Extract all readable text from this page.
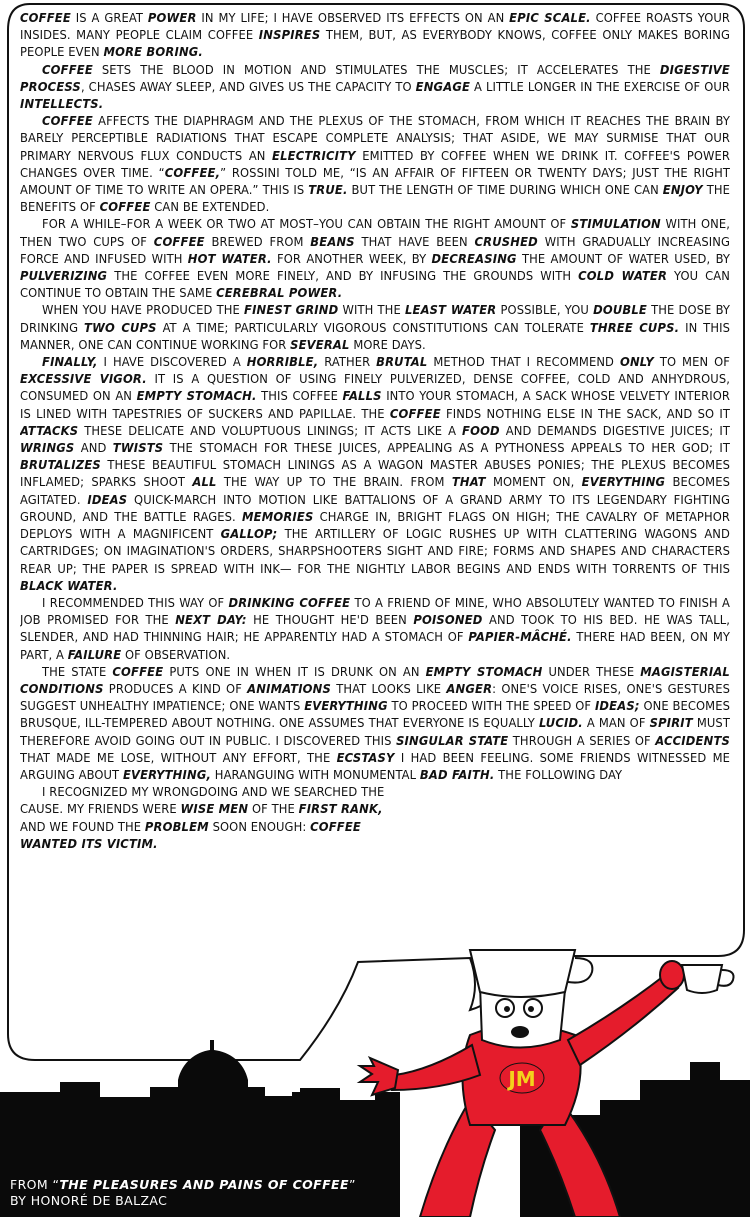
JM

COFFEE IS A GREAT POWER IN MY LIFE; I HAVE OBSERVED ITS EFFECTS ON AN EPIC SCALE. COFFEE ROASTS YOUR INSIDES. MANY PEOPLE CLAIM COFFEE INSPIRES THEM, BUT, AS EVERYBODY KNOWS, COFFEE ONLY MAKES BORING PEOPLE EVEN MORE BORING.

COFFEE SETS THE BLOOD IN MOTION AND STIMULATES THE MUSCLES; IT ACCELERATES THE DIGESTIVE PROCESS, CHASES AWAY SLEEP, AND GIVES US THE CAPACITY TO ENGAGE A LITTLE LONGER IN THE EXERCISE OF OUR INTELLECTS.

COFFEE AFFECTS THE DIAPHRAGM AND THE PLEXUS OF THE STOMACH, FROM WHICH IT REACHES THE BRAIN BY BARELY PERCEPTIBLE RADIATIONS THAT ESCAPE COMPLETE ANALYSIS; THAT ASIDE, WE MAY SURMISE THAT OUR PRIMARY NERVOUS FLUX CONDUCTS AN ELECTRICITY EMITTED BY COFFEE WHEN WE DRINK IT. COFFEE'S POWER CHANGES OVER TIME. “COFFEE,” ROSSINI TOLD ME, “IS AN AFFAIR OF FIFTEEN OR TWENTY DAYS; JUST THE RIGHT AMOUNT OF TIME TO WRITE AN OPERA.” THIS IS TRUE. BUT THE LENGTH OF TIME DURING WHICH ONE CAN ENJOY THE BENEFITS OF COFFEE CAN BE EXTENDED.

FOR A WHILE–FOR A WEEK OR TWO AT MOST–YOU CAN OBTAIN THE RIGHT AMOUNT OF STIMULATION WITH ONE, THEN TWO CUPS OF COFFEE BREWED FROM BEANS THAT HAVE BEEN CRUSHED WITH GRADUALLY INCREASING FORCE AND INFUSED WITH HOT WATER. FOR ANOTHER WEEK, BY DECREASING THE AMOUNT OF WATER USED, BY PULVERIZING THE COFFEE EVEN MORE FINELY, AND BY INFUSING THE GROUNDS WITH COLD WATER YOU CAN CONTINUE TO OBTAIN THE SAME CEREBRAL POWER.

WHEN YOU HAVE PRODUCED THE FINEST GRIND WITH THE LEAST WATER POSSIBLE, YOU DOUBLE THE DOSE BY DRINKING TWO CUPS AT A TIME; PARTICULARLY VIGOROUS CONSTITUTIONS CAN TOLERATE THREE CUPS. IN THIS MANNER, ONE CAN CONTINUE WORKING FOR SEVERAL MORE DAYS.

FINALLY, I HAVE DISCOVERED A HORRIBLE, RATHER BRUTAL METHOD THAT I RECOMMEND ONLY TO MEN OF EXCESSIVE VIGOR. IT IS A QUESTION OF USING FINELY PULVERIZED, DENSE COFFEE, COLD AND ANHYDROUS, CONSUMED ON AN EMPTY STOMACH. THIS COFFEE FALLS INTO YOUR STOMACH, A SACK WHOSE VELVETY INTERIOR IS LINED WITH TAPESTRIES OF SUCKERS AND PAPILLAE. THE COFFEE FINDS NOTHING ELSE IN THE SACK, AND SO IT ATTACKS THESE DELICATE AND VOLUPTUOUS LININGS; IT ACTS LIKE A FOOD AND DEMANDS DIGESTIVE JUICES; IT WRINGS AND TWISTS THE STOMACH FOR THESE JUICES, APPEALING AS A PYTHONESS APPEALS TO HER GOD; IT BRUTALIZES THESE BEAUTIFUL STOMACH LININGS AS A WAGON MASTER ABUSES PONIES; THE PLEXUS BECOMES INFLAMED; SPARKS SHOOT ALL THE WAY UP TO THE BRAIN. FROM THAT MOMENT ON, EVERYTHING BECOMES AGITATED. IDEAS QUICK-MARCH INTO MOTION LIKE BATTALIONS OF A GRAND ARMY TO ITS LEGENDARY FIGHTING GROUND, AND THE BATTLE RAGES. MEMORIES CHARGE IN, BRIGHT FLAGS ON HIGH; THE CAVALRY OF METAPHOR DEPLOYS WITH A MAGNIFICENT GALLOP; THE ARTILLERY OF LOGIC RUSHES UP WITH CLATTERING WAGONS AND CARTRIDGES; ON IMAGINATION'S ORDERS, SHARPSHOOTERS SIGHT AND FIRE; FORMS AND SHAPES AND CHARACTERS REAR UP; THE PAPER IS SPREAD WITH INK— FOR THE NIGHTLY LABOR BEGINS AND ENDS WITH TORRENTS OF THIS BLACK WATER.

I RECOMMENDED THIS WAY OF DRINKING COFFEE TO A FRIEND OF MINE, WHO ABSOLUTELY WANTED TO FINISH A JOB PROMISED FOR THE NEXT DAY: HE THOUGHT HE'D BEEN POISONED AND TOOK TO HIS BED. HE WAS TALL, SLENDER, AND HAD THINNING HAIR; HE APPARENTLY HAD A STOMACH OF PAPIER-MÂCHÉ. THERE HAD BEEN, ON MY PART, A FAILURE OF OBSERVATION.

THE STATE COFFEE PUTS ONE IN WHEN IT IS DRUNK ON AN EMPTY STOMACH UNDER THESE MAGISTERIAL CONDITIONS PRODUCES A KIND OF ANIMATIONS THAT LOOKS LIKE ANGER: ONE'S VOICE RISES, ONE'S GESTURES SUGGEST UNHEALTHY IMPATIENCE; ONE WANTS EVERYTHING TO PROCEED WITH THE SPEED OF IDEAS; ONE BECOMES BRUSQUE, ILL-TEMPERED ABOUT NOTHING. ONE ASSUMES THAT EVERYONE IS EQUALLY LUCID. A MAN OF SPIRIT MUST THEREFORE AVOID GOING OUT IN PUBLIC. I DISCOVERED THIS SINGULAR STATE THROUGH A SERIES OF ACCIDENTS THAT MADE ME LOSE, WITHOUT ANY EFFORT, THE ECSTASY I HAD BEEN FEELING. SOME FRIENDS WITNESSED ME ARGUING ABOUT EVERYTHING, HARANGUING WITH MONUMENTAL BAD FAITH. THE FOLLOWING DAY

I RECOGNIZED MY WRONGDOING AND WE SEARCHED THE CAUSE. MY FRIENDS WERE WISE MEN OF THE FIRST RANK, AND WE FOUND THE PROBLEM SOON ENOUGH: COFFEE WANTED ITS VICTIM.

FROM “THE PLEASURES AND PAINS OF COFFEE”
BY HONORÉ DE BALZAC
